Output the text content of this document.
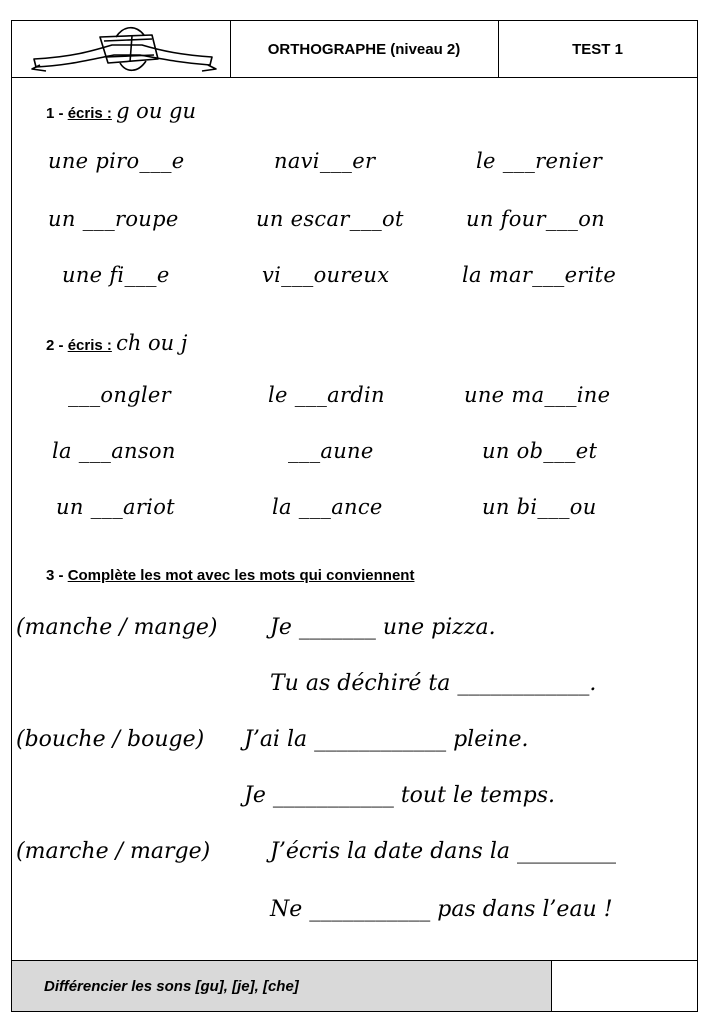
ORTHOGRAPHE (niveau 2)	TEST 1
1 - écris : g ou gu
une piro___e	navi___er	le ___renier
un ___roupe	un escar___ot	un four___on
une fi___e	vi___oureux	la mar___erite
2 - écris : ch ou j
___ongler	le ___ardin	une ma___ine
la ___anson	___aune	un ob___et
un ___ariot	la ___ance	un bi___ou
3 - Complète les mot avec les mots qui conviennent
(manche / mange) Je _______ une pizza.
Tu as déchiré ta ____________.
(bouche / bouge) J’ai la ____________ pleine.
Je ___________ tout le temps.
(marche / marge)	J’écris la date dans la _________
Ne ___________ pas dans l’eau !
Différencier les sons [gu], [je], [che]
